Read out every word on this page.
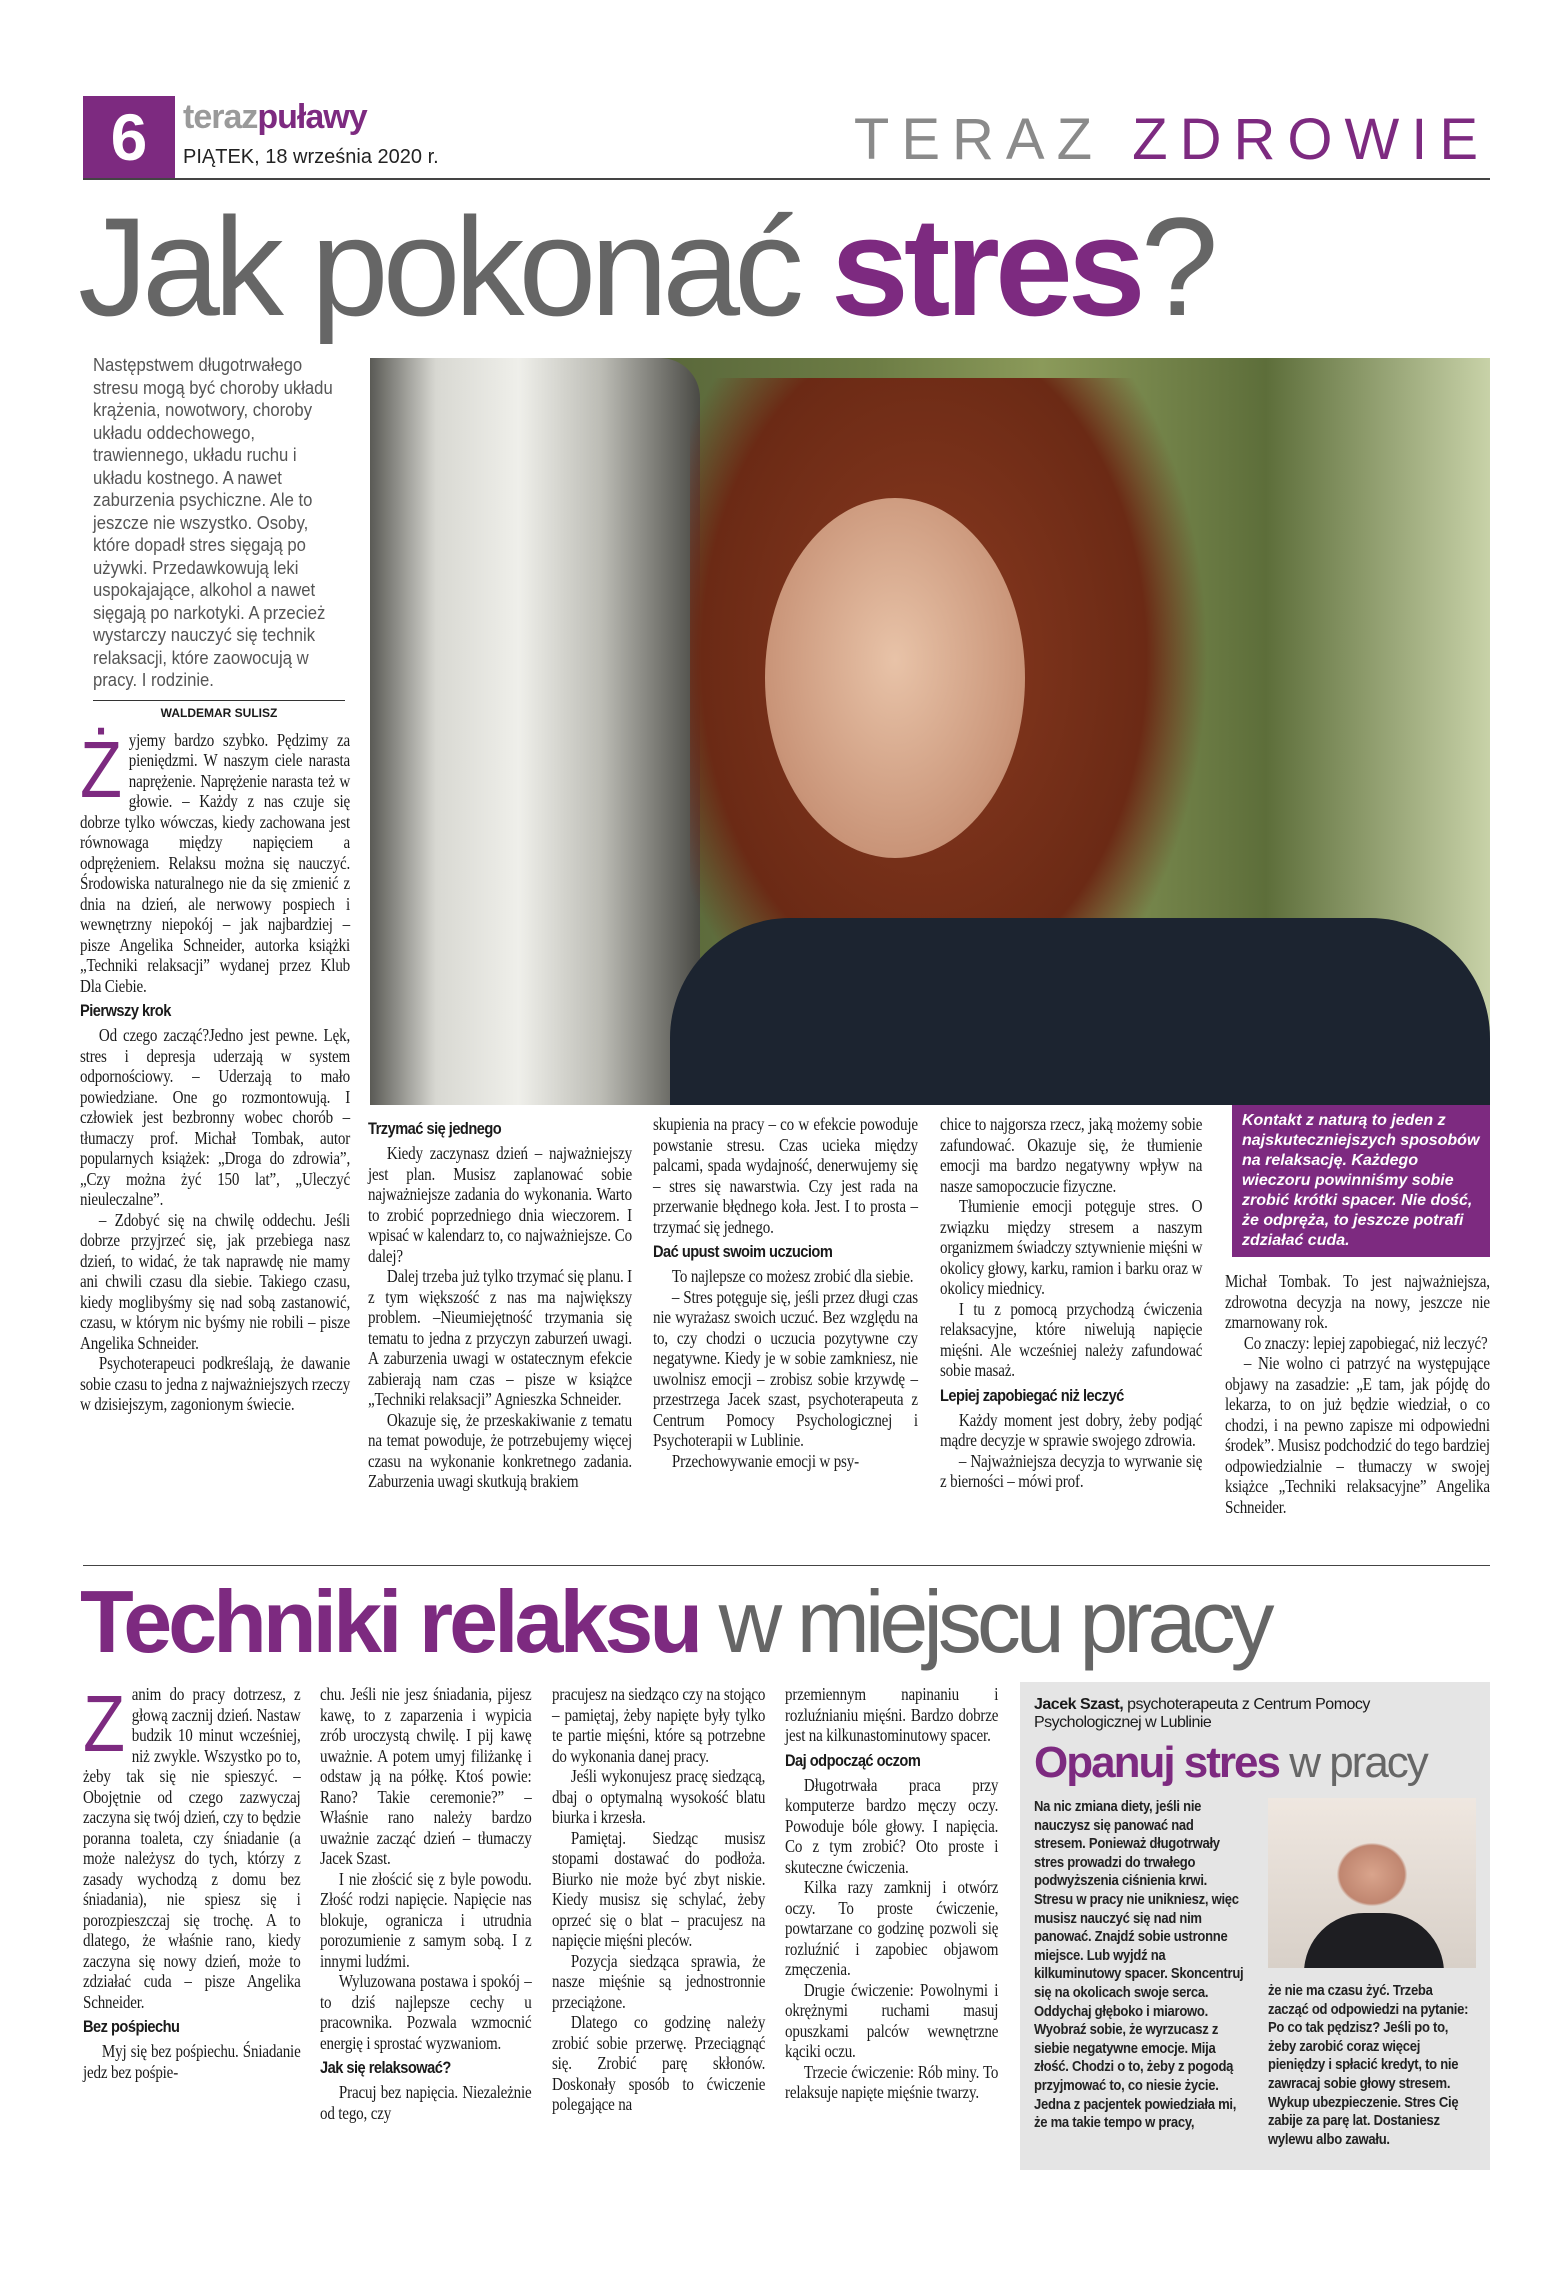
6	terazpuławy
PIĄTEK, 18 września 2020 r.	TERAZ ZDROWIE
Jak pokonać stres?
Następstwem długotrwałego stresu mogą być choroby układu krążenia, nowotwory, choroby układu oddechowego, trawiennego, układu ruchu i układu kostnego. A nawet zaburzenia psychiczne. Ale to jeszcze nie wszystko. Osoby, które dopadł stres sięgają po używki. Przedawkowują leki uspokajające, alkohol a nawet sięgają po narkotyki. A przecież wystarczy nauczyć się technik relaksacji, które zaowocują w pracy. I rodzinie.
WALDEMAR SULISZ

Żyjemy bardzo szybko. Pędzimy za pieniędzmi. W naszym ciele narasta naprężenie. Naprężenie narasta też w głowie. – Każdy z nas czuje się dobrze tylko wówczas, kiedy zachowana jest równowaga między napięciem a odprężeniem. Relaksu można się nauczyć. Środowiska naturalnego nie da się zmienić z dnia na dzień, ale nerwowy pospiech i wewnętrzny niepokój – jak najbardziej – pisze Angelika Schneider, autorka książki „Techniki relaksacji” wydanej przez Klub Dla Ciebie.

Pierwszy krok

Od czego zacząć?Jedno jest pewne. Lęk, stres i depresja uderzają w system odpornościowy. – Uderzają to mało powiedziane. One go rozmontowują. I człowiek jest bezbronny wobec chorób – tłumaczy prof. Michał Tombak, autor popularnych książek: „Droga do zdrowia”, „Czy można żyć 150 lat”, „Uleczyć nieuleczalne”.

– Zdobyć się na chwilę oddechu. Jeśli dobrze przyjrzeć się, jak przebiega nasz dzień, to widać, że tak naprawdę nie mamy ani chwili czasu dla siebie. Takiego czasu, kiedy moglibyśmy się nad sobą zastanowić, czasu, w którym nic byśmy nie robili – pisze Angelika Schneider.

Psychoterapeuci podkreślają, że dawanie sobie czasu to jedna z najważniejszych rzeczy w dzisiejszym, zagonionym świecie.

Trzymać się jednego

Kiedy zaczynasz dzień – najważniejszy jest plan. Musisz zaplanować sobie najważniejsze zadania do wykonania. Warto to zrobić poprzedniego dnia wieczorem. I wpisać w kalendarz to, co najważniejsze. Co dalej?

Dalej trzeba już tylko trzymać się planu. I z tym większość z nas ma największy problem. –Nieumiejętność trzymania się tematu to jedna z przyczyn zaburzeń uwagi. A zaburzenia uwagi w ostatecznym efekcie zabierają nam czas – pisze w książce „Techniki relaksacji” Agnieszka Schneider.

Okazuje się, że przeskakiwanie z tematu na temat powoduje, że potrzebujemy więcej czasu na wykonanie konkretnego zadania. Zaburzenia uwagi skutkują brakiem

skupienia na pracy – co w efekcie powoduje powstanie stresu. Czas ucieka między palcami, spada wydajność, denerwujemy się – stres się nawarstwia. Czy jest rada na przerwanie błędnego koła. Jest. I to prosta – trzymać się jednego.

Dać upust swoim uczuciom

To najlepsze co możesz zrobić dla siebie.

– Stres potęguje się, jeśli przez długi czas nie wyrażasz swoich uczuć. Bez względu na to, czy chodzi o uczucia pozytywne czy negatywne. Kiedy je w sobie zamkniesz, nie uwolnisz emocji – zrobisz sobie krzywdę – przestrzega Jacek szast, psychoterapeuta z Centrum Pomocy Psychologicznej i Psychoterapii w Lublinie.

Przechowywanie emocji w psy-

chice to najgorsza rzecz, jaką możemy sobie zafundować. Okazuje się, że tłumienie emocji ma bardzo negatywny wpływ na nasze samopoczucie fizyczne.

Tłumienie emocji potęguje stres. O związku między stresem a naszym organizmem świadczy sztywnienie mięśni w okolicy głowy, karku, ramion i barku oraz w okolicy miednicy.

I tu z pomocą przychodzą ćwiczenia relaksacyjne, które niwelują napięcie mięśni. Ale wcześniej należy zafundować sobie masaż.

Lepiej zapobiegać niż leczyć

Każdy moment jest dobry, żeby podjąć mądre decyzje w sprawie swojego zdrowia.

– Najważniejsza decyzja to wyrwanie się z bierności – mówi prof.

Kontakt z naturą to jeden z najskuteczniejszych sposobów na relaksację. Każdego wieczoru powinniśmy sobie zrobić krótki spacer. Nie dość, że odpręża, to jeszcze potrafi zdziałać cuda.

Michał Tombak. To jest najważniejsza, zdrowotna decyzja na nowy, jeszcze nie zmarnowany rok.

Co znaczy: lepiej zapobiegać, niż leczyć?

– Nie wolno ci patrzyć na występujące objawy na zasadzie: „E tam, jak pójdę do lekarza, to on już będzie wiedział, o co chodzi, i na pewno zapisze mi odpowiedni środek”. Musisz podchodzić do tego bardziej odpowiedzialnie – tłumaczy w swojej książce „Techniki relaksacyjne” Angelika Schneider.

Techniki relaksu w miejscu pracy

Zanim do pracy dotrzesz, z głową zacznij dzień. Nastaw budzik 10 minut wcześniej, niż zwykle. Wszystko po to, żeby tak się nie spieszyć. – Obojętnie od czego zazwyczaj zaczyna się twój dzień, czy to będzie poranna toaleta, czy śniadanie (a może należysz do tych, którzy z zasady wychodzą z domu bez śniadania), nie spiesz się i porozpieszczaj się trochę. A to dlatego, że właśnie rano, kiedy zaczyna się nowy dzień, może to zdziałać cuda – pisze Angelika Schneider.

Bez pośpiechu

Myj się bez pośpiechu. Śniadanie jedz bez pośpie-

chu. Jeśli nie jesz śniadania, pijesz kawę, to z zaparzenia i wypicia zrób uroczystą chwilę. I pij kawę uważnie. A potem umyj filiżankę i odstaw ją na półkę. Ktoś powie: Rano? Takie ceremonie?” – Właśnie rano należy bardzo uważnie zacząć dzień – tłumaczy Jacek Szast.

I nie złościć się z byle powodu. Złość rodzi napięcie. Napięcie nas blokuje, ogranicza i utrudnia porozumienie z samym sobą. I z innymi ludźmi.

Wyluzowana postawa i spokój – to dziś najlepsze cechy u pracownika. Pozwala wzmocnić energię i sprostać wyzwaniom.

Jak się relaksować?

Pracuj bez napięcia. Niezależnie od tego, czy

pracujesz na siedząco czy na stojąco – pamiętaj, żeby napięte były tylko te partie mięśni, które są potrzebne do wykonania danej pracy.

Jeśli wykonujesz pracę siedzącą, dbaj o optymalną wysokość blatu biurka i krzesła.

Pamiętaj. Siedząc musisz stopami dostawać do podłoża. Biurko nie może być zbyt niskie. Kiedy musisz się schylać, żeby oprzeć się o blat – pracujesz na napięcie mięśni pleców.

Pozycja siedząca sprawia, że nasze mięśnie są jednostronnie przeciążone.

Dlatego co godzinę należy zrobić sobie przerwę. Przeciągnąć się. Zrobić parę skłonów. Doskonały sposób to ćwiczenie polegające na

przemiennym napinaniu i rozluźnianiu mięśni. Bardzo dobrze jest na kilkunastominutowy spacer.

Daj odpocząć oczom

Długotrwała praca przy komputerze bardzo męczy oczy. Powoduje bóle głowy. I napięcia. Co z tym zrobić? Oto proste i skuteczne ćwiczenia.

Kilka razy zamknij i otwórz oczy. To proste ćwiczenie, powtarzane co godzinę pozwoli się rozluźnić i zapobiec objawom zmęczenia.

Drugie ćwiczenie: Powolnymi i okrężnymi ruchami masuj opuszkami palców wewnętrzne kąciki oczu.

Trzecie ćwiczenie: Rób miny. To relaksuje napięte mięśnie twarzy.

Jacek Szast, psychoterapeuta z Centrum Pomocy Psychologicznej w Lublinie
Opanuj stres w pracy
Na nic zmiana diety, jeśli nie nauczysz się panować nad stresem. Ponieważ długotrwały stres prowadzi do trwałego podwyższenia ciśnienia krwi. Stresu w pracy nie unikniesz, więc musisz nauczyć się nad nim panować. Znajdź sobie ustronne miejsce. Lub wyjdź na kilkuminutowy spacer. Skoncentruj się na okolicach swoje serca. Oddychaj głęboko i miarowo. Wyobraź sobie, że wyrzucasz z siebie negatywne emocje. Mija złość. Chodzi o to, żeby z pogodą przyjmować to, co niesie życie. Jedna z pacjentek powiedziała mi, że ma takie tempo w pracy,
że nie ma czasu żyć. Trzeba zacząć od odpowiedzi na pytanie: Po co tak pędzisz? Jeśli po to, żeby zarobić coraz więcej pieniędzy i spłacić kredyt, to nie zawracaj sobie głowy stresem. Wykup ubezpieczenie. Stres Cię zabije za parę lat. Dostaniesz wylewu albo zawału.
